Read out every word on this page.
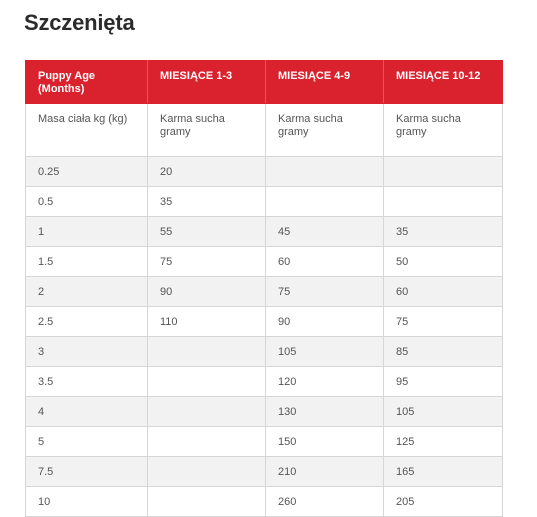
Szczenięta
Puppy Age (Months)	MIESIĄCE 1-3	MIESIĄCE 4-9	MIESIĄCE 10-12
Masa ciała kg (kg)	Karma sucha gramy	Karma sucha gramy	Karma sucha gramy
0.25	20		
0.5	35		
1	55	45	35
1.5	75	60	50
2	90	75	60
2.5	110	90	75
3		105	85
3.5		120	95
4		130	105
5		150	125
7.5		210	165
10		260	205
